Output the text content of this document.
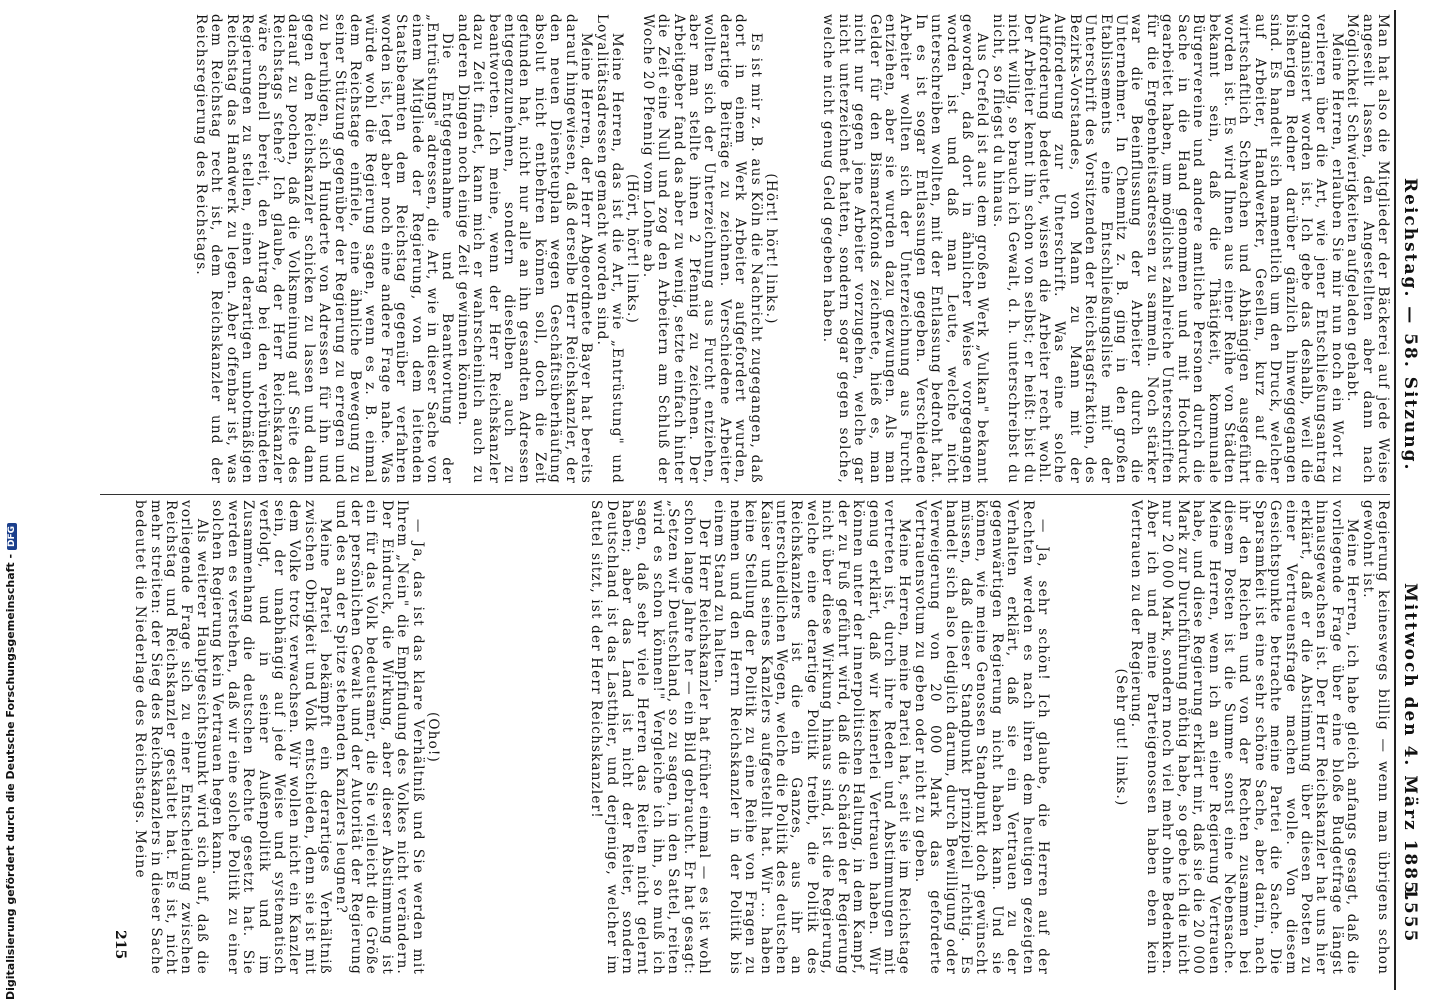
Reichstag. — 58. Sitzung.
Mittwoch den 4. März 1885.
1555

Man hat also die Mitglieder der Bäckerei auf jede Weise angeseilt lassen, den Angestellten aber dann nach Möglichkeit Schwierigkeiten aufgeladen gehabt.

Meine Herren, erlauben Sie mir nun noch ein Wort zu verlieren über die Art, wie jener Entschließungsantrag organisiert worden ist. Ich gebe das deshalb, weil die bisherigen Redner darüber gänzlich hinweggegangen sind. Es handelt sich namentlich um den Druck, welcher auf Arbeiter, Handwerker, Gesellen, kurz auf die wirtschaftlich Schwachen und Abhängigen ausgeführt worden ist. Es wird Ihnen aus einer Reihe von Städten bekannt sein, daß die Thätigkeit, kommunale Bürgervereine und andere amtliche Personen durch die Sache in die Hand genommen und mit Hochdruck gearbeitet haben, um möglichst zahlreiche Unterschriften für die Ergebenheitsadressen zu sammeln. Noch stärker war die Beeinflussung der Arbeiter durch die Unternehmer. In Chemnitz z. B. ging in den großen Etablissements eine Entschließungsliste mit der Unterschrift des Vorsitzenden der Reichstagsfraktion, des Bezirks-Vorstandes, von Mann zu Mann mit der Aufforderung zur Unterschrift. Was eine solche Aufforderung bedeutet, wissen die Arbeiter recht wohl. Der Arbeiter kennt ihn schon von selbst; er heißt: bist du nicht willig, so brauch ich Gewalt, d. h. unterschreibst du nicht, so fliegst du hinaus.

Aus Crefeld ist aus dem großen Werk „Vulkan" bekannt geworden, daß dort in ähnlicher Weise vorgegangen worden ist und daß man Leute, welche nicht unterschreiben wollten, mit der Entlassung bedroht hat. In es ist sogar Entlassungen gegeben. Verschiedene Arbeiter wollten sich der Unterzeichnung aus Furcht entziehen, aber sie wurden dazu gezwungen. Als man Gelder für den Bismarckfonds zeichnete, hieß es, man nicht nur gegen jene Arbeiter vorzugehen, welche gar nicht unterzeichnet hatten, sondern sogar gegen solche, welche nicht genug Geld gegeben haben.

(Hört! hört! links.)

Es ist mir z. B. aus Köln die Nachricht zugegangen, daß dort in einem Werk Arbeiter aufgefordert wurden, derartige Beiträge zu zeichnen. Verschiedene Arbeiter wollten sich der Unterzeichnung aus Furcht entziehen, aber man stellte ihnen 2 Pfennig zu zeichnen. Der Arbeitgeber fand das aber zu wenig, setzte einfach hinter die Zeit eine Null und zog den Arbeitern am Schluß der Woche 20 Pfennig vom Lohne ab.

(Hört, hört! links.)

Meine Herren, das ist die Art, wie „Entrüstung" und Loyalitätsadressen gemacht worden sind.

Meine Herren, der Herr Abgeordnete Bayer hat bereits darauf hingewiesen, daß derselbe Herr Reichskanzler, der den neuen Diensteuplan wegen Geschäftsüberhäufung absolut nicht entbehren können soll, doch die Zeit gefunden hat, nicht nur alle an ihn gesandten Adressen entgegenzunehmen, sondern dieselben auch zu beantworten. Ich meine, wenn der Herr Reichskanzler dazu Zeit findet, kann mich er wahrscheinlich auch zu anderen Dingen noch einige Zeit gewinnen können.

Die Entgegennahme und Beantwortung der „Entrüstungs" adressen, die Art, wie in dieser Sache von einem Mitgliede der Regierung, von dem leitenden Staatsbeamten dem Reichstag gegenüber verfahren worden ist, legt aber noch eine andere Frage nahe. Was würde wohl die Regierung sagen, wenn es z. B. einmal dem Reichstage einfiele, eine ähnliche Bewegung zu seiner Stützung gegenüber der Regierung zu erregen und zu beruhigen, sich Hunderte von Adressen für ihn und gegen den Reichskanzler schicken zu lassen und dann darauf zu pochen, daß die Volksmeinung auf Seite des Reichstags stehe? Ich glaube, der Herr Reichskanzler wäre schnell bereit, den Antrag bei den verbündeten Regierungen zu stellen, einen derartigen unbotmäßigen Reichstag das Handwerk zu legen. Aber offenbar ist, was dem Reichstag recht ist, dem Reichskanzler und der Reichsregierung des Reichstags.

Regierung keineswegs billig — wenn man übrigens schon gewohnt ist.

Meine Herren, ich habe gleich anfangs gesagt, daß die vorliegende Frage über eine bloße Budgetfrage längst hinausgewachsen ist. Der Herr Reichskanzler hat uns hier erklärt, daß er die Abstimmung über diesen Posten zu einer Vertrauensfrage machen wolle. Von diesem Gesichtspunkte betrachte meine Partei die Sache. Die Sparsamkeit ist eine sehr schöne Sache, aber darin, nach ihr den Reichen und von der Rechten zusammen bei diesem Posten ist die Summe sonst eine Nebensache. Meine Herren, wenn ich an einer Regierung Vertrauen habe, und diese Regierung erklärt mir, daß sie die 20 000 Mark zur Durchführung nöthig habe, so gebe ich die nicht nur 20 000 Mark, sondern noch viel mehr ohne Bedenken. Aber ich und meine Parteigenossen haben eben kein Vertrauen zu der Regierung.

(Sehr gut! links.)

— Ja, sehr schön! Ich glaube, die Herren auf der Rechten werden es nach ihren dem heutigen gezeigten Verhalten erklärt, daß sie ein Vertrauen zu der gegenwärtigen Regierung nicht haben kann. Und sie können, wie meine Genossen Standpunkt doch gewünscht müssen, daß dieser Standpunkt prinzipiell richtig. Es handelt sich also lediglich darum, durch Bewilligung oder Verweigerung von 20 000 Mark das geforderte Vertrauensvotum zu geben oder nicht zu geben.

Meine Herren, meine Partei hat, seit sie im Reichstage vertreten ist, durch ihre Reden und Abstimmungen mit genug erklärt, daß wir keinerlei Vertrauen haben. Wir können unter der innerpolitischen Haltung, in dem Kampf, der zu Fuß geführt wird, daß die Schäden der Regierung nicht über diese Wirkung hinaus sind, ist die Regierung, welche eine derartige Politik treibt, die Politik des Reichskanzlers ist die ein Ganzes, aus ihr an unterschiedlichen Wegen, welche die Politik des deutschen Kaiser und seines Kanzlers aufgestellt hat. Wir ... haben keine Stellung der Politik zu eine Reihe von Fragen zu nehmen und den Herrn Reichskanzler in der Politik bis einem Stand zu halten.

Der Herr Reichskanzler hat früher einmal — es ist wohl schon lange Jahre her — ein Bild gebraucht. Er hat gesagt: „Setzen wir Deutschland, so zu sagen, in den Sattel, reiten wird es schon können!" Vergleiche ich ihn, so muß ich sagen, daß sehr viele Herren das Reiten nicht gelernt haben; aber das Land ist nicht der Reiter, sondern Deutschland ist das Lastthier, und derjenige, welcher im Sattel sitzt, ist der Herr Reichskanzler!

(Oho!)

— Ja, das ist das klare Verhältniß und Sie werden mit Ihrem „Nein" die Empfindung des Volkes nicht verändern. Der Eindruck, die Wirkung, aber dieser Abstimmung ist ein für das Volk bedeutsamer, die Sie vielleicht die Größe der persönlichen Gewalt und der Autorität der Regierung und des an der Spitze stehenden Kanzlers leugnen?

Meine Partei bekämpft ein derartiges Verhältniß zwischen Obrigkeit und Volk entschieden, denn sie ist mit dem Volke trotz verwachsen. Wir wollen nicht ein Kanzler sein, der unabhängig auf jede Weise und systematisch verfolgt, und in seiner Außenpolitik und im Zusammenhang die deutschen Rechte gesetzt hat. Sie werden es verstehen, daß wir eine solche Politik zu einer solchen Regierung kein Vertrauen hegen kann.

Als weiterer Hauptgesichtspunkt wird sich auf, daß die vorliegende Frage sich zu einer Entscheidung zwischen Reichstag und Reichskanzler gestaltet hat. Es ist, nicht mehr streiten: der Sieg des Reichskanzlers in dieser Sache bedeutet die Niederlage des Reichstags. Meine

215
Digitalisierung gefördert durch die Deutsche Forschungsgemeinschaft -DFG
